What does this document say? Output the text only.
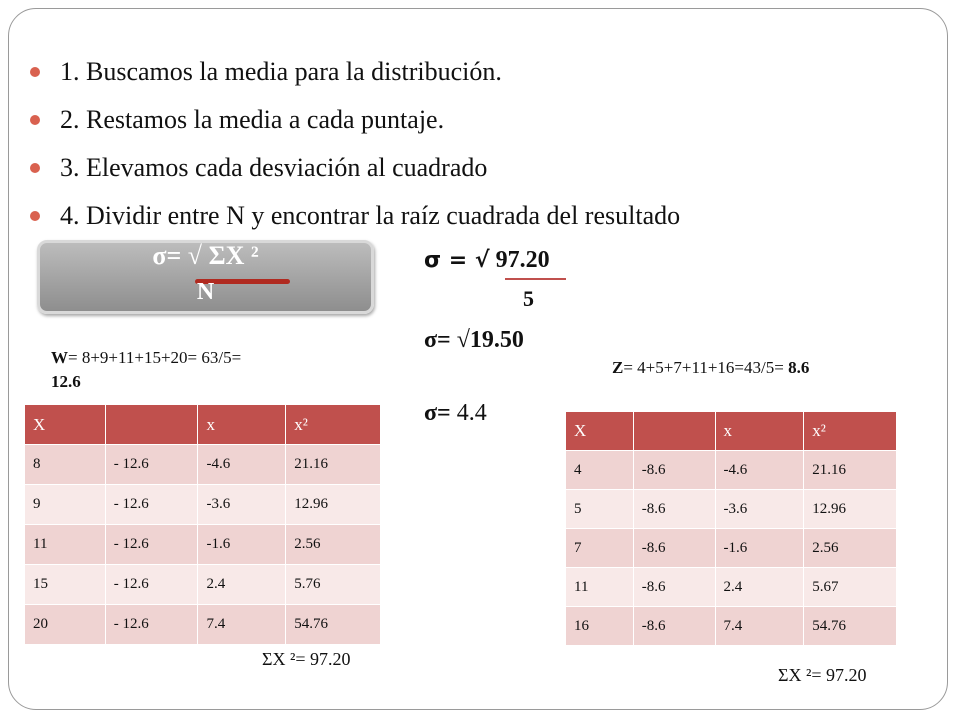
1. Buscamos la media para la distribución.
2. Restamos la media a cada puntaje.
3. Elevamos cada desviación al cuadrado
4. Dividir entre N y encontrar la raíz cuadrada del resultado
σ= √ ΣX ²
N
σ = √ 97.20
5
σ= √19.50
σ= 4.4
W= 8+9+11+15+20= 63/5=
12.6
Z= 4+5+7+11+16=43/5= 8.6
X		x	x²
8	- 12.6	-4.6	21.16
9	- 12.6	-3.6	12.96
11	- 12.6	-1.6	2.56
15	- 12.6	2.4	5.76
20	- 12.6	7.4	54.76
ΣX ²= 97.20
X		x	x²
4	-8.6	-4.6	21.16
5	-8.6	-3.6	12.96
7	-8.6	-1.6	2.56
11	-8.6	2.4	5.67
16	-8.6	7.4	54.76
ΣX ²= 97.20
